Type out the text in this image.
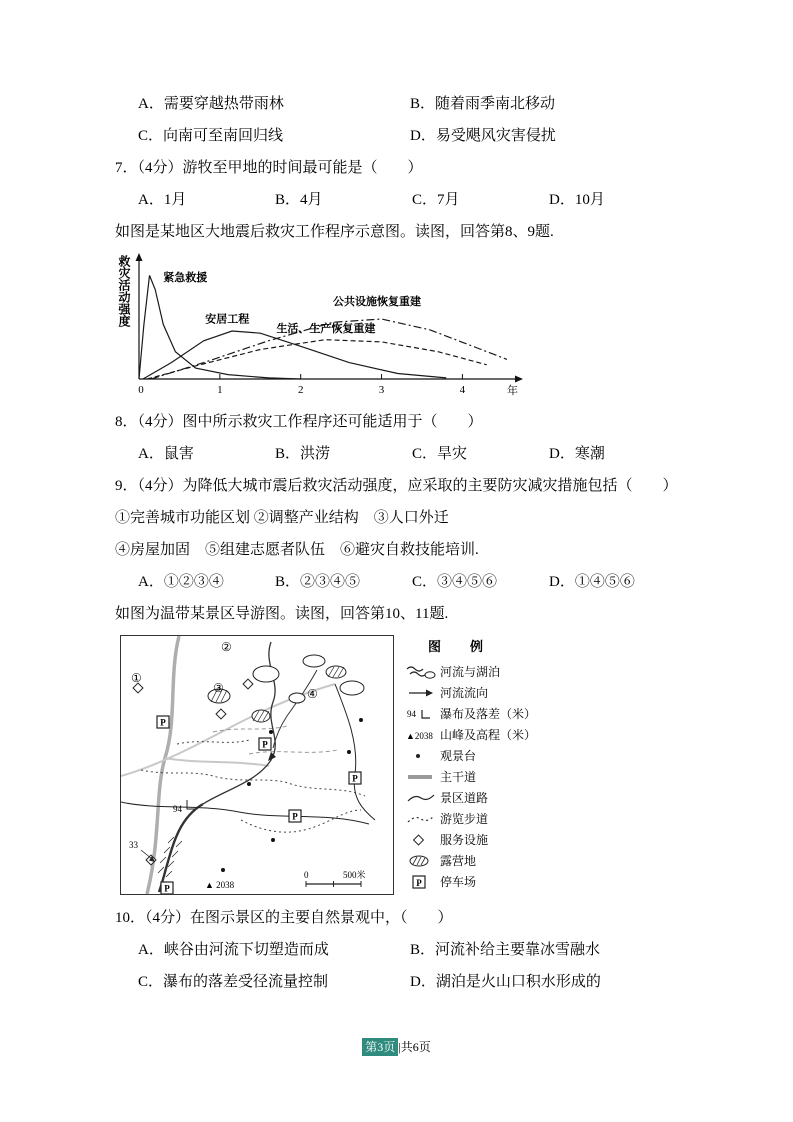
A．需要穿越热带雨林	B．随着雨季南北移动
C．向南可至南回归线	D．易受飓风灾害侵扰

7．（4分）游牧至甲地的时间最可能是（　　）

A．1月	B．4月	C．7月	D．10月

如图是某地区大地震后救灾工作程序示意图。读图，回答第8、9题.

救灾活动强度
0	1	2	3	4	年
紧急救援
安居工程
公共设施恢复重建
生活、生产恢复重建

8．（4分）图中所示救灾工作程序还可能适用于（　　）

A．鼠害	B．洪涝	C．旱灾	D．寒潮

9．（4分）为降低大城市震后救灾活动强度，应采取的主要防灾减灾措施包括（　　）

①完善城市功能区划 ②调整产业结构　③人口外迁

④房屋加固　⑤组建志愿者队伍　⑥避灾自救技能培训.

A．①②③④	B．②③④⑤	C．③④⑤⑥	D．①④⑤⑥

如图为温带某景区导游图。读图，回答第10、11题.

P
P
P
P
P
①
②
③	④
94
33
▲ 2038
0	500米
图　例
河流与湖泊
河流流向
94 瀑布及落差（米）
▲2038 山峰及高程（米）
观景台
主干道
景区道路
游览步道
服务设施
露营地
P 停车场

10．（4分）在图示景区的主要自然景观中，（　　）

A．峡谷由河流下切塑造而成	B．河流补给主要靠冰雪融水
C．瀑布的落差受径流量控制	D．湖泊是火山口积水形成的
第3页 |共6页
